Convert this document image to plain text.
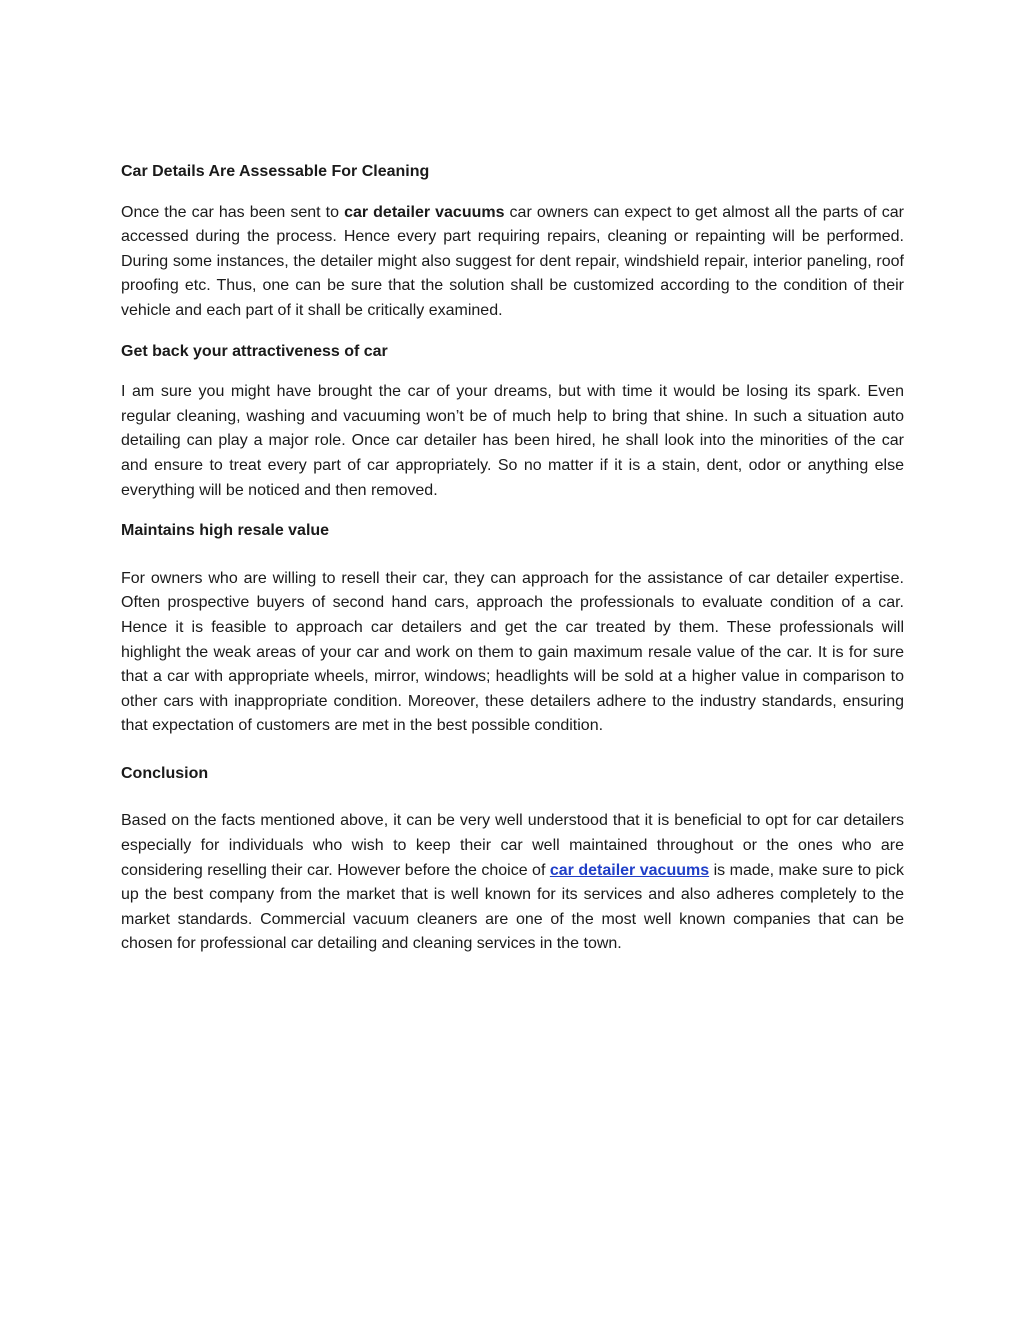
Car Details Are Assessable For Cleaning

Once the car has been sent to car detailer vacuums car owners can expect to get almost all the parts of car accessed during the process. Hence every part requiring repairs, cleaning or repainting will be performed. During some instances, the detailer might also suggest for dent repair, windshield repair, interior paneling, roof proofing etc. Thus, one can be sure that the solution shall be customized according to the condition of their vehicle and each part of it shall be critically examined.

Get back your attractiveness of car

I am sure you might have brought the car of your dreams, but with time it would be losing its spark. Even regular cleaning, washing and vacuuming won’t be of much help to bring that shine. In such a situation auto detailing can play a major role. Once car detailer has been hired, he shall look into the minorities of the car and ensure to treat every part of car appropriately. So no matter if it is a stain, dent, odor or anything else everything will be noticed and then removed.

Maintains high resale value

For owners who are willing to resell their car, they can approach for the assistance of car detailer expertise. Often prospective buyers of second hand cars, approach the professionals to evaluate condition of a car. Hence it is feasible to approach car detailers and get the car treated by them. These professionals will highlight the weak areas of your car and work on them to gain maximum resale value of the car. It is for sure that a car with appropriate wheels, mirror, windows; headlights will be sold at a higher value in comparison to other cars with inappropriate condition. Moreover, these detailers adhere to the industry standards, ensuring that expectation of customers are met in the best possible condition.

Conclusion

Based on the facts mentioned above, it can be very well understood that it is beneficial to opt for car detailers especially for individuals who wish to keep their car well maintained throughout or the ones who are considering reselling their car. However before the choice of car detailer vacuums is made, make sure to pick up the best company from the market that is well known for its services and also adheres completely to the market standards. Commercial vacuum cleaners are one of the most well known companies that can be chosen for professional car detailing and cleaning services in the town.
